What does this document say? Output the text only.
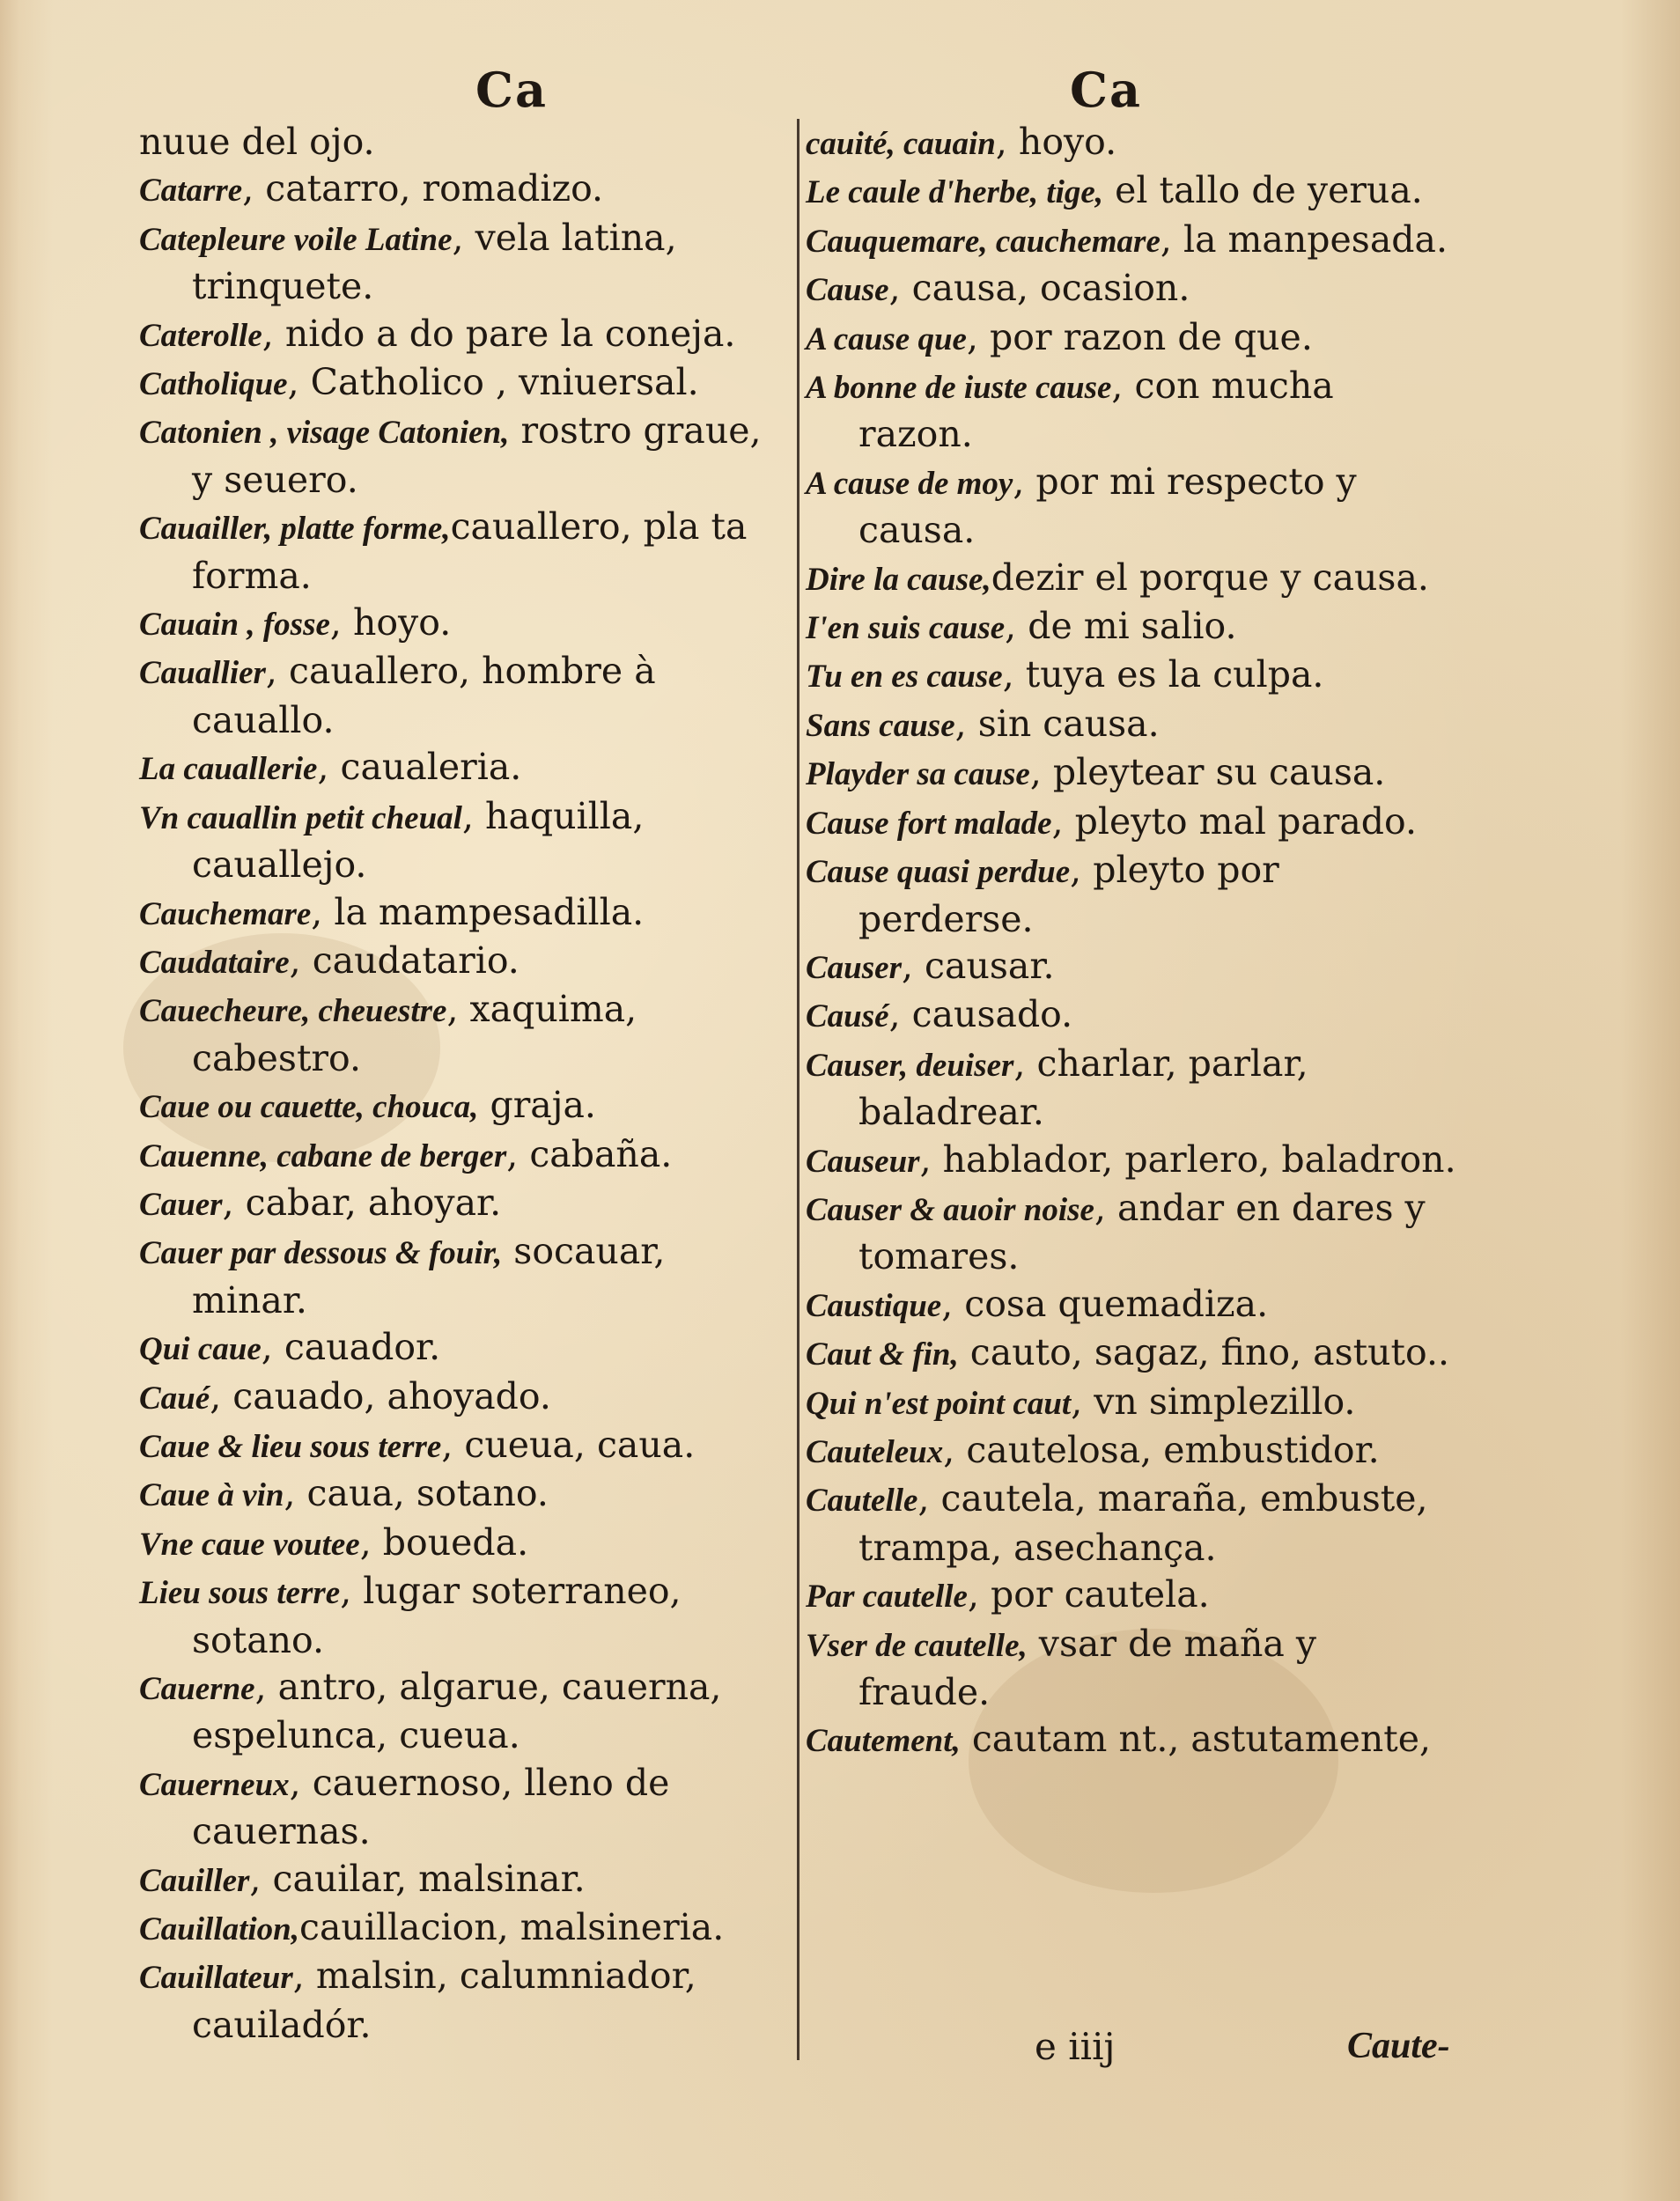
Ca	Ca

nuue del ojo.

Catarre, catarro, romadizo.

Catepleure voile Latine, vela latina, trinquete.

Caterolle, nido a do pare la coneja.

Catholique, Catholico , vniuersal.

Catonien , visage Catonien, rostro graue, y seuero.

Cauailler, platte forme,cauallero, pla ta forma.

Cauain , fosse, hoyo.

Cauallier, cauallero, hombre à cauallo.

La cauallerie, caualeria.

Vn cauallin petit cheual, haquilla, cauallejo.

Cauchemare, la mampesadilla.

Caudataire, caudatario.

Cauecheure, cheuestre, xaquima, cabestro.

Caue ou cauette, chouca, graja.

Cauenne, cabane de berger, cabaña.

Cauer, cabar, ahoyar.

Cauer par dessous & fouir, socauar, minar.

Qui caue, cauador.

Caué, cauado, ahoyado.

Caue & lieu sous terre, cueua, caua.

Caue à vin, caua, sotano.

Vne caue voutee, boueda.

Lieu sous terre, lugar soterraneo, sotano.

Cauerne, antro, algarue, cauerna, espelunca, cueua.

Cauerneux, cauernoso, lleno de cauernas.

Cauiller, cauilar, malsinar.

Cauillation,cauillacion, malsineria.

Cauillateur, malsin, calumniador, cauiladór.

cauité, cauain, hoyo.

Le caule d'herbe, tige, el tallo de yerua.

Cauquemare, cauchemare, la manpesada.

Cause, causa, ocasion.

A cause que, por razon de que.

A bonne de iuste cause, con mucha razon.

A cause de moy, por mi respecto y causa.

Dire la cause,dezir el porque y causa.

I'en suis cause, de mi salio.

Tu en es cause, tuya es la culpa.

Sans cause, sin causa.

Playder sa cause, pleytear su causa.

Cause fort malade, pleyto mal parado.

Cause quasi perdue, pleyto por perderse.

Causer, causar.

Causé, causado.

Causer, deuiser, charlar, parlar, baladrear.

Causeur, hablador, parlero, baladron.

Causer & auoir noise, andar en dares y tomares.

Caustique, cosa quemadiza.

Caut & fin, cauto, sagaz, fino, astuto..

Qui n'est point caut, vn simplezillo.

Cauteleux, cautelosa, embustidor.

Cautelle, cautela, maraña, embuste, trampa, asechança.

Par cautelle, por cautela.

Vser de cautelle, vsar de maña y fraude.

Cautement, cautam nt., astutamente,

e iiij	Caute-
